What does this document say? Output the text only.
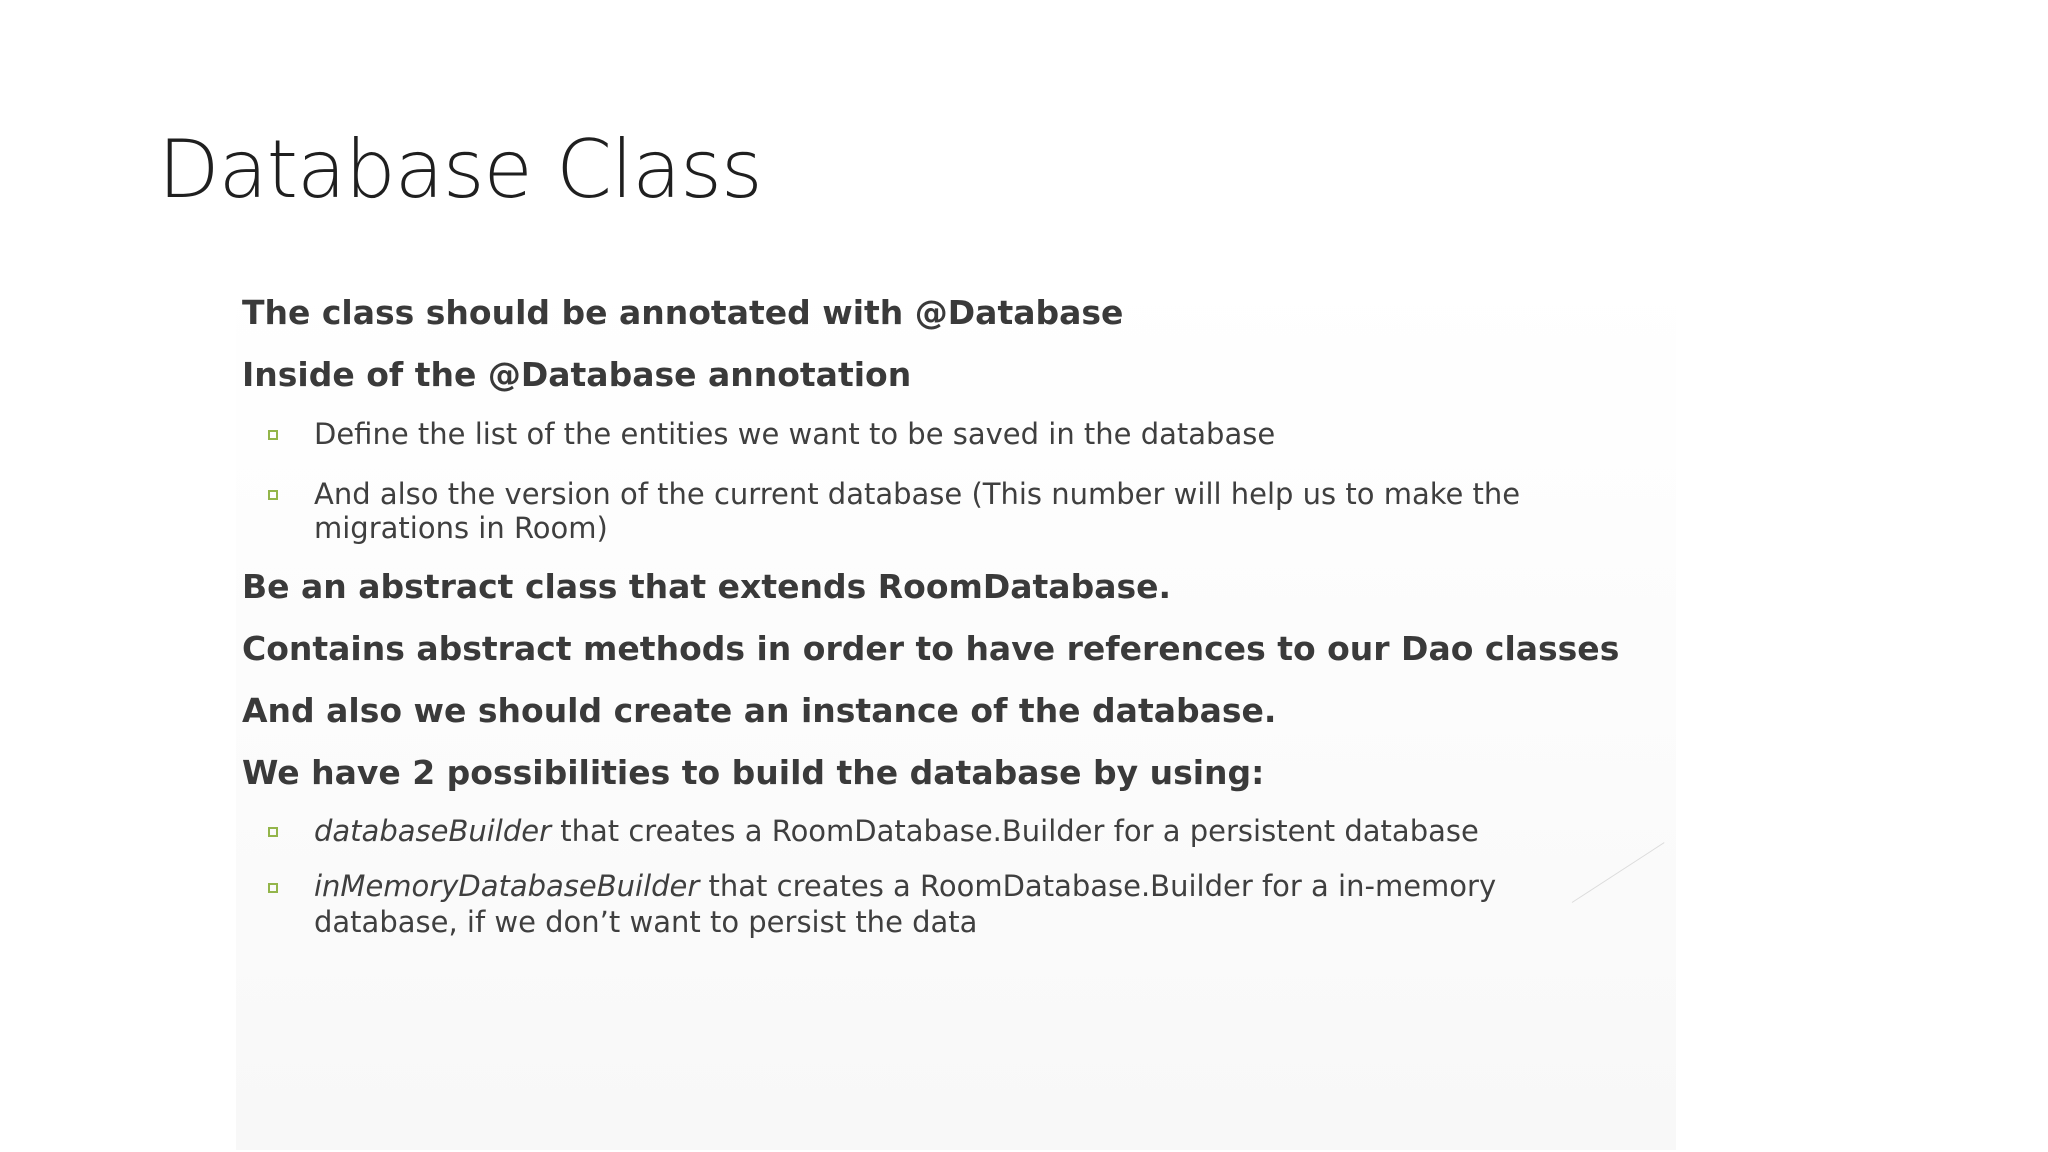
Database Class
The class should be annotated with @Database
Inside of the @Database annotation
Define the list of the entities we want to be saved in the database
And also the version of the current database (This number will help us to make the
migrations in Room)
Be an abstract class that extends RoomDatabase.
Contains abstract methods in order to have references to our Dao classes
And also we should create an instance of the database.
We have 2 possibilities to build the database by using:
databaseBuilder that creates a RoomDatabase.Builder for a persistent database
inMemoryDatabaseBuilder that creates a RoomDatabase.Builder for a in-memory
database, if we don’t want to persist the data
